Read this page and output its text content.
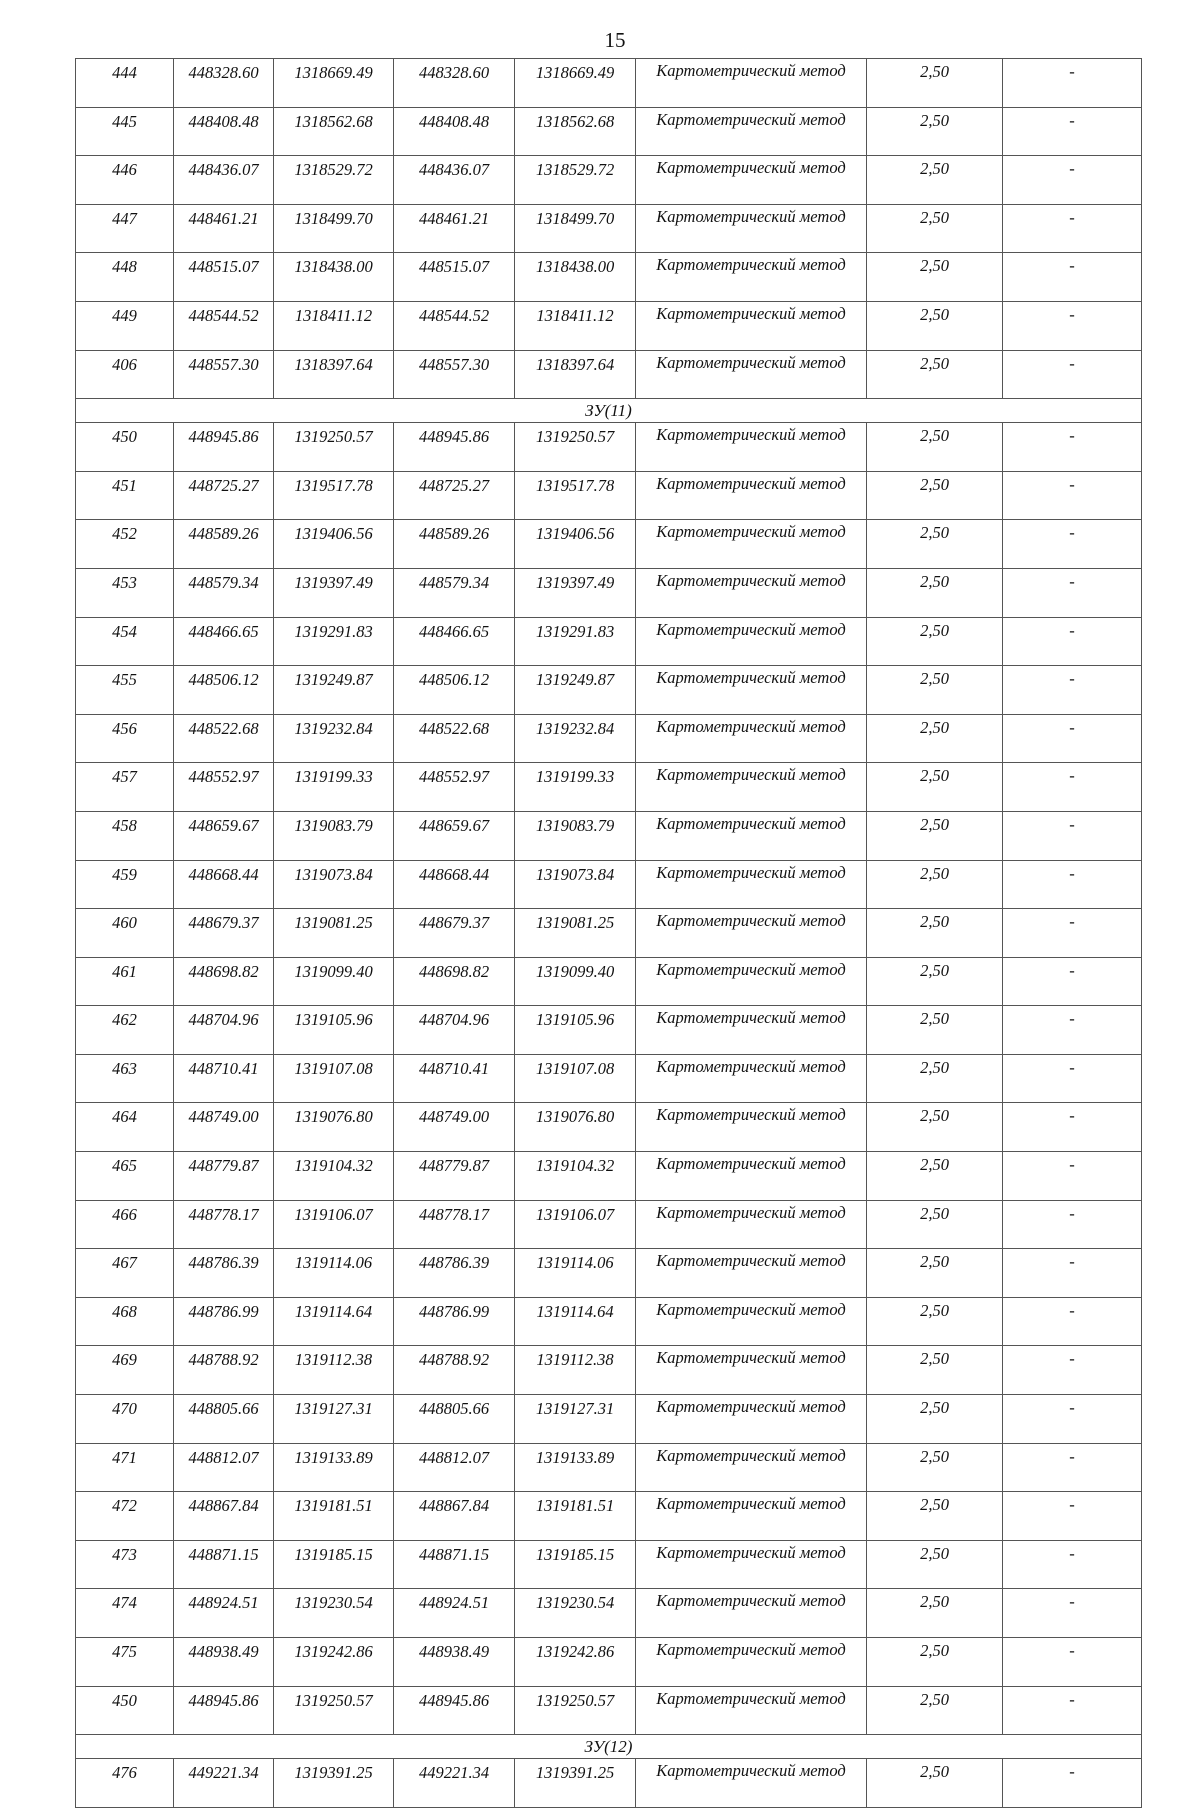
15
444	448328.60	1318669.49	448328.60	1318669.49	Картометрический метод	2,50	-
445	448408.48	1318562.68	448408.48	1318562.68	Картометрический метод	2,50	-
446	448436.07	1318529.72	448436.07	1318529.72	Картометрический метод	2,50	-
447	448461.21	1318499.70	448461.21	1318499.70	Картометрический метод	2,50	-
448	448515.07	1318438.00	448515.07	1318438.00	Картометрический метод	2,50	-
449	448544.52	1318411.12	448544.52	1318411.12	Картометрический метод	2,50	-
406	448557.30	1318397.64	448557.30	1318397.64	Картометрический метод	2,50	-
ЗУ(11)							
450	448945.86	1319250.57	448945.86	1319250.57	Картометрический метод	2,50	-
451	448725.27	1319517.78	448725.27	1319517.78	Картометрический метод	2,50	-
452	448589.26	1319406.56	448589.26	1319406.56	Картометрический метод	2,50	-
453	448579.34	1319397.49	448579.34	1319397.49	Картометрический метод	2,50	-
454	448466.65	1319291.83	448466.65	1319291.83	Картометрический метод	2,50	-
455	448506.12	1319249.87	448506.12	1319249.87	Картометрический метод	2,50	-
456	448522.68	1319232.84	448522.68	1319232.84	Картометрический метод	2,50	-
457	448552.97	1319199.33	448552.97	1319199.33	Картометрический метод	2,50	-
458	448659.67	1319083.79	448659.67	1319083.79	Картометрический метод	2,50	-
459	448668.44	1319073.84	448668.44	1319073.84	Картометрический метод	2,50	-
460	448679.37	1319081.25	448679.37	1319081.25	Картометрический метод	2,50	-
461	448698.82	1319099.40	448698.82	1319099.40	Картометрический метод	2,50	-
462	448704.96	1319105.96	448704.96	1319105.96	Картометрический метод	2,50	-
463	448710.41	1319107.08	448710.41	1319107.08	Картометрический метод	2,50	-
464	448749.00	1319076.80	448749.00	1319076.80	Картометрический метод	2,50	-
465	448779.87	1319104.32	448779.87	1319104.32	Картометрический метод	2,50	-
466	448778.17	1319106.07	448778.17	1319106.07	Картометрический метод	2,50	-
467	448786.39	1319114.06	448786.39	1319114.06	Картометрический метод	2,50	-
468	448786.99	1319114.64	448786.99	1319114.64	Картометрический метод	2,50	-
469	448788.92	1319112.38	448788.92	1319112.38	Картометрический метод	2,50	-
470	448805.66	1319127.31	448805.66	1319127.31	Картометрический метод	2,50	-
471	448812.07	1319133.89	448812.07	1319133.89	Картометрический метод	2,50	-
472	448867.84	1319181.51	448867.84	1319181.51	Картометрический метод	2,50	-
473	448871.15	1319185.15	448871.15	1319185.15	Картометрический метод	2,50	-
474	448924.51	1319230.54	448924.51	1319230.54	Картометрический метод	2,50	-
475	448938.49	1319242.86	448938.49	1319242.86	Картометрический метод	2,50	-
450	448945.86	1319250.57	448945.86	1319250.57	Картометрический метод	2,50	-
ЗУ(12)							
476	449221.34	1319391.25	449221.34	1319391.25	Картометрический метод	2,50	-
